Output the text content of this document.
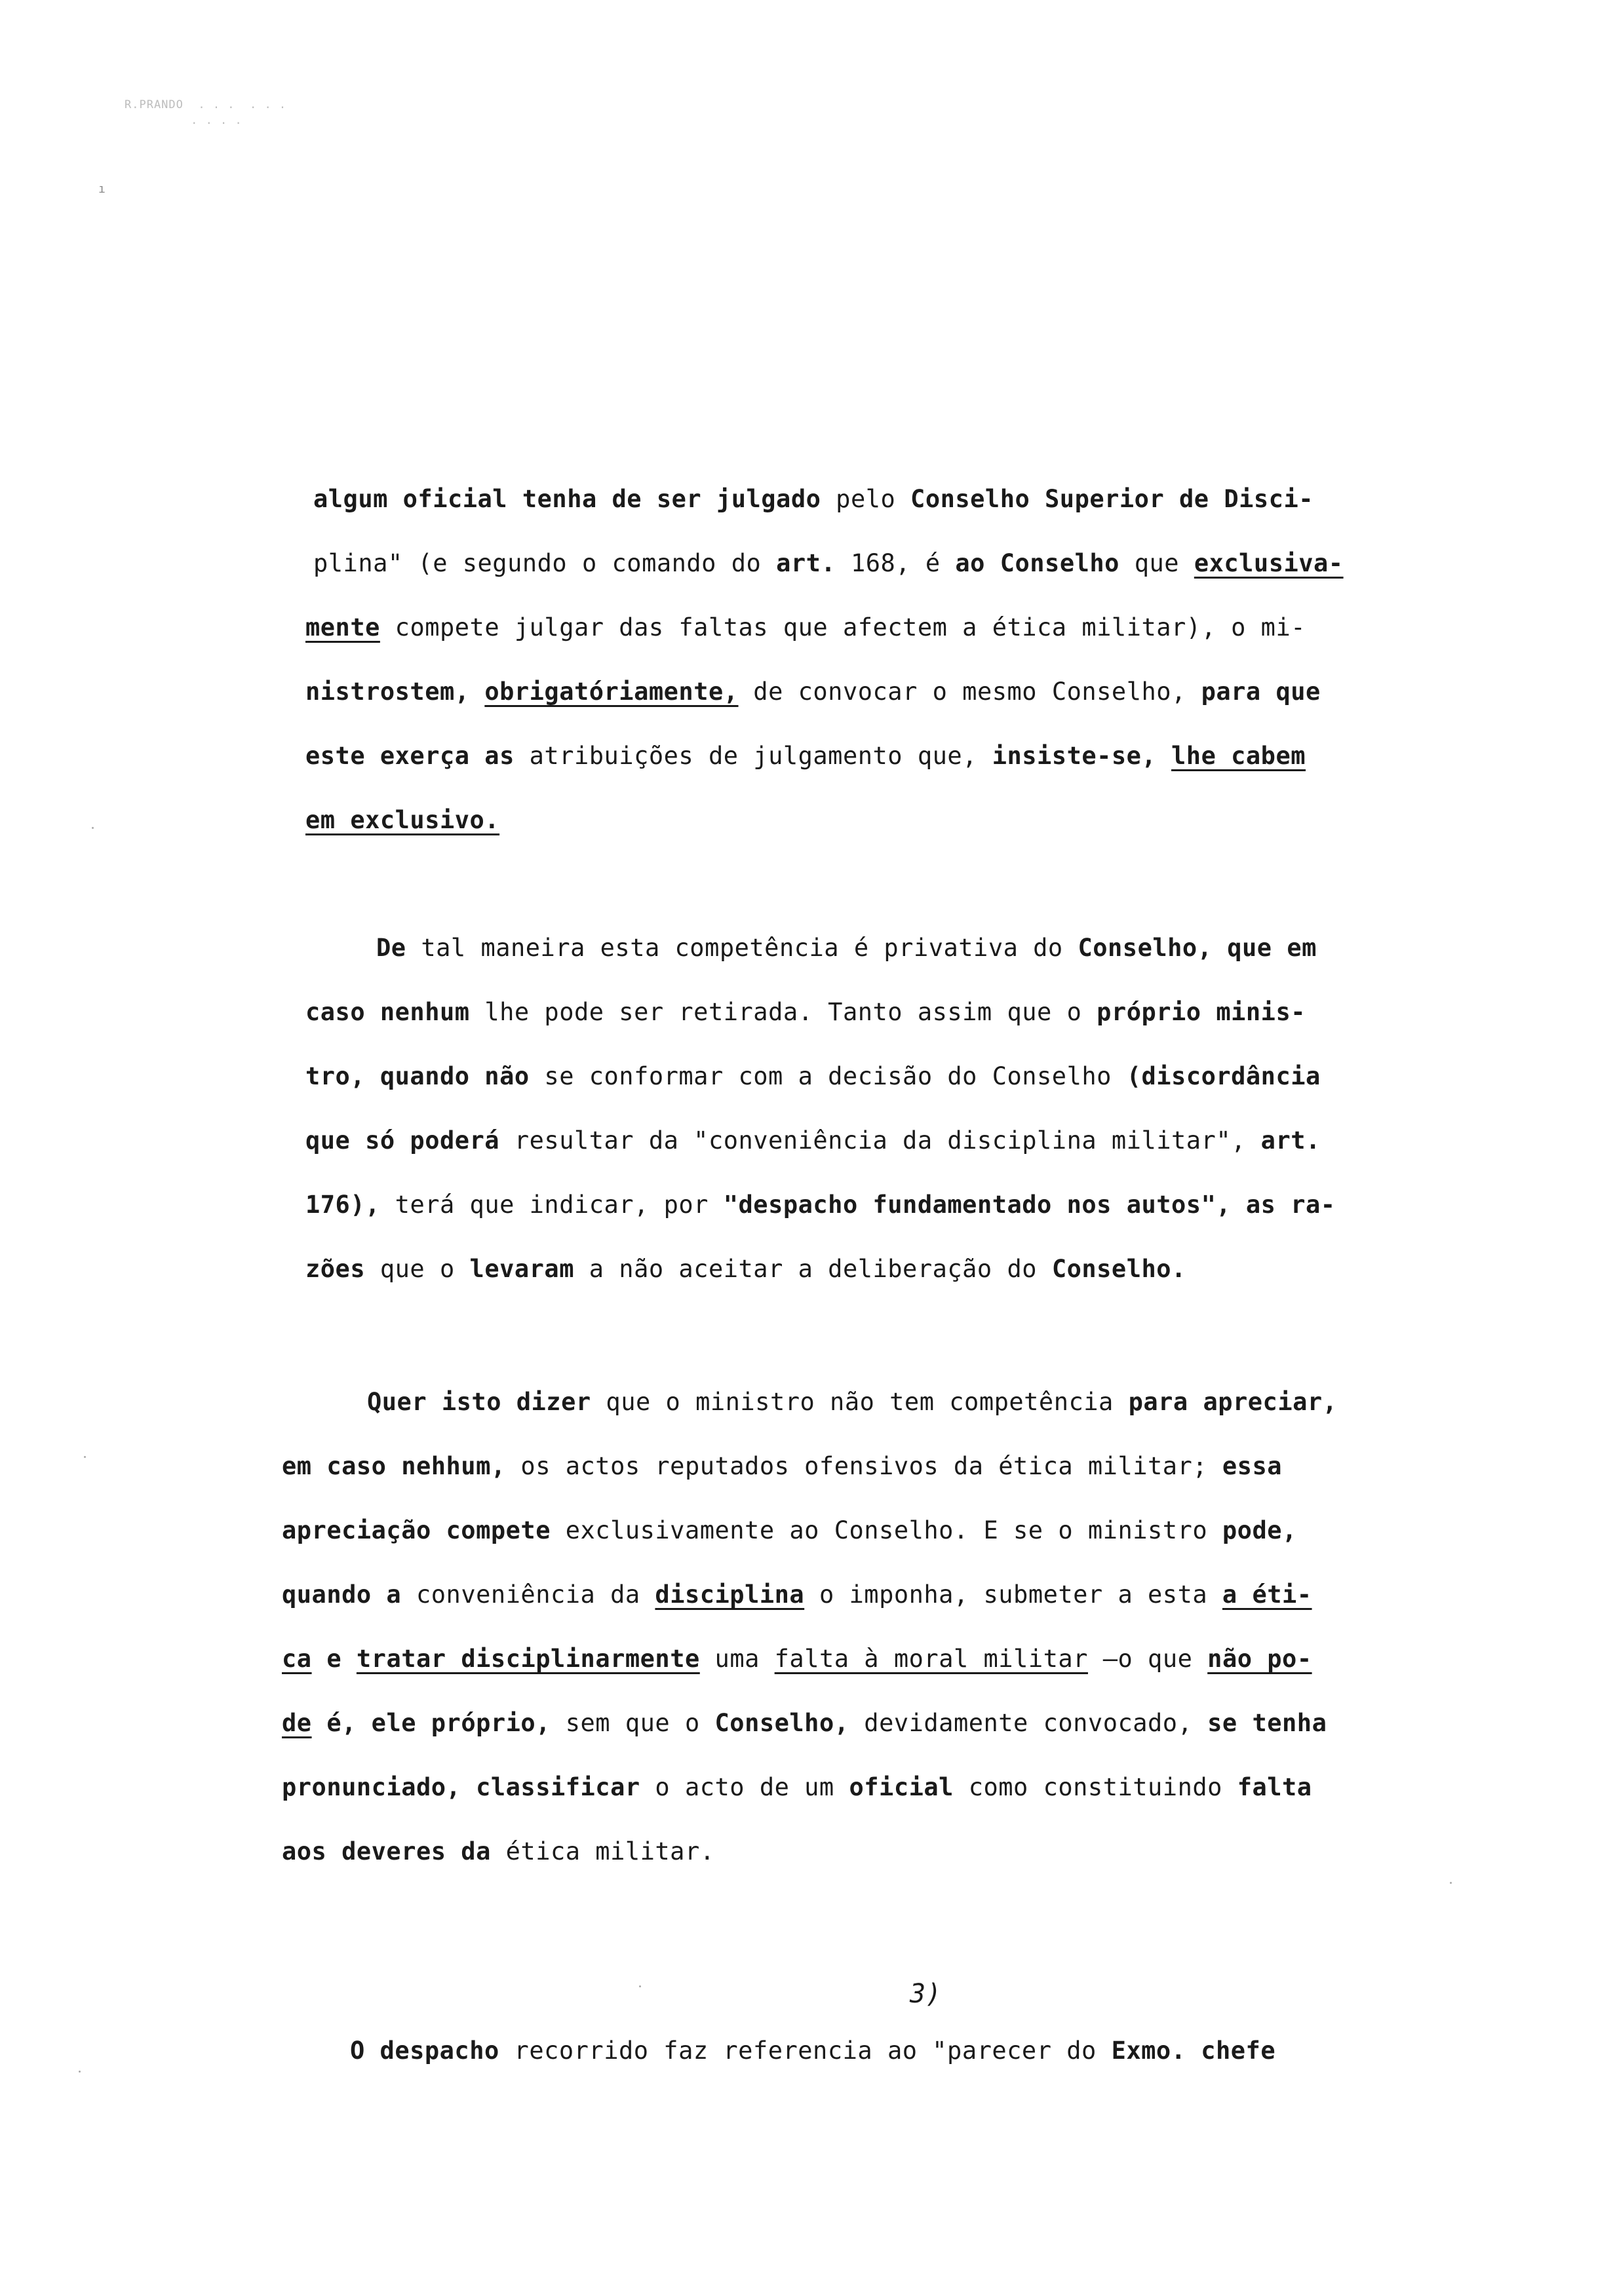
R.PRANDO  . . .  . . .
. . . .
ı
algum oficial tenha de ser julgado pelo Conselho Superior de Disci-
plina" (e segundo o comando do art. 168, é ao Conselho que exclusiva-
mente compete julgar das faltas que afectem a ética militar), o mi-
nistrostem, obrigatóriamente, de convocar o mesmo Conselho, para que
este exerça as atribuições de julgamento que, insiste-se, lhe cabem
em exclusivo.
De tal maneira esta competência é privativa do Conselho, que em
caso nenhum lhe pode ser retirada. Tanto assim que o próprio minis-
tro, quando não se conformar com a decisão do Conselho (discordância
que só poderá resultar da "conveniência da disciplina militar", art.
176), terá que indicar, por "despacho fundamentado nos autos", as ra-
zões que o levaram a não aceitar a deliberação do Conselho.
Quer isto dizer que o ministro não tem competência para apreciar,
em caso nehhum, os actos reputados ofensivos da ética militar; essa
apreciação compete exclusivamente ao Conselho. E se o ministro pode,
quando a conveniência da disciplina o imponha, submeter a esta a éti-
ca e tratar disciplinarmente uma falta à moral militar —o que não po-
de é, ele próprio, sem que o Conselho, devidamente convocado, se tenha
pronunciado, classificar o acto de um oficial como constituindo falta
aos deveres da ética militar.
3)
O despacho recorrido faz referencia ao "parecer do Exmo. chefe
